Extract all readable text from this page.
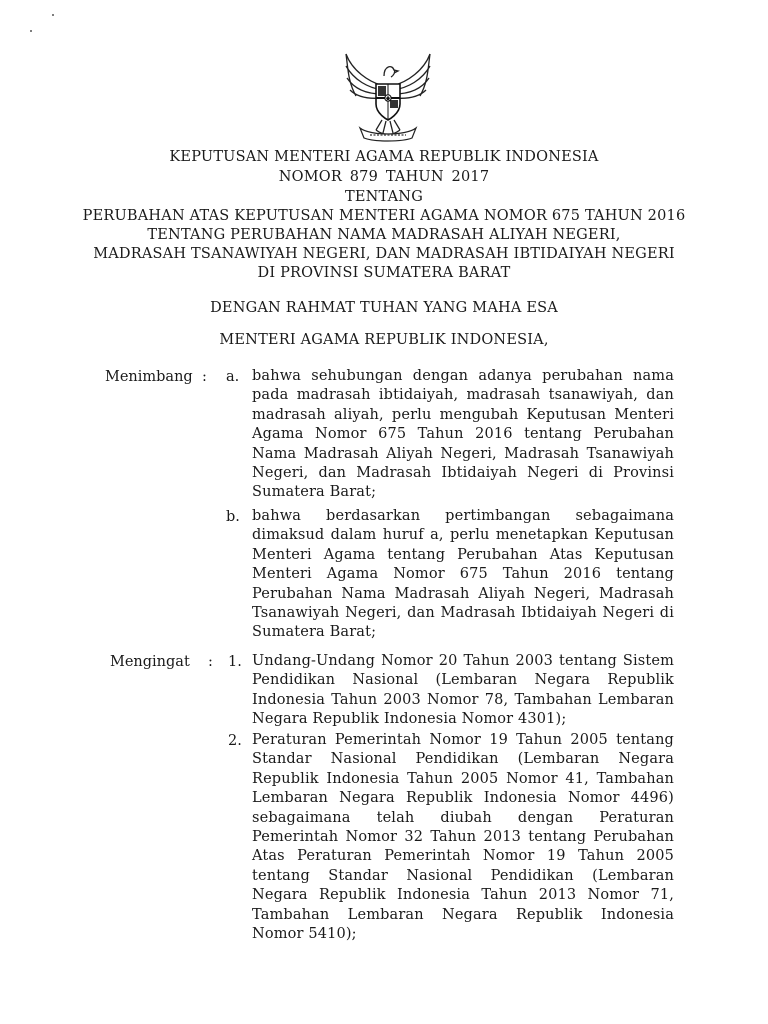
KEPUTUSAN MENTERI AGAMA REPUBLIK INDONESIA
NOMOR 879 TAHUN 2017
TENTANG
PERUBAHAN ATAS KEPUTUSAN MENTERI AGAMA NOMOR 675 TAHUN 2016
TENTANG PERUBAHAN NAMA MADRASAH ALIYAH NEGERI,
MADRASAH TSANAWIYAH NEGERI, DAN MADRASAH IBTIDAIYAH NEGERI
DI PROVINSI SUMATERA BARAT
DENGAN RAHMAT TUHAN YANG MAHA ESA
MENTERI AGAMA REPUBLIK INDONESIA,
Menimbang : a. bahwa sehubungan dengan adanya perubahan nama pada madrasah ibtidaiyah, madrasah tsanawiyah, dan madrasah aliyah, perlu mengubah Keputusan Menteri Agama Nomor 675 Tahun 2016 tentang Perubahan Nama Madrasah Aliyah Negeri, Madrasah Tsanawiyah Negeri, dan Madrasah Ibtidaiyah Negeri di Provinsi Sumatera Barat;
b. bahwa berdasarkan pertimbangan sebagaimana dimaksud dalam huruf a, perlu menetapkan Keputusan Menteri Agama tentang Perubahan Atas Keputusan Menteri Agama Nomor 675 Tahun 2016 tentang Perubahan Nama Madrasah Aliyah Negeri, Madrasah Tsanawiyah Negeri, dan Madrasah Ibtidaiyah Negeri di Sumatera Barat;
Mengingat : 1. Undang-Undang Nomor 20 Tahun 2003 tentang Sistem Pendidikan Nasional (Lembaran Negara Republik Indonesia Tahun 2003 Nomor 78, Tambahan Lembaran Negara Republik Indonesia Nomor 4301);
2. Peraturan Pemerintah Nomor 19 Tahun 2005 tentang Standar Nasional Pendidikan (Lembaran Negara Republik Indonesia Tahun 2005 Nomor 41, Tambahan Lembaran Negara Republik Indonesia Nomor 4496) sebagaimana telah diubah dengan Peraturan Pemerintah Nomor 32 Tahun 2013 tentang Perubahan Atas Peraturan Pemerintah Nomor 19 Tahun 2005 tentang Standar Nasional Pendidikan (Lembaran Negara Republik Indonesia Tahun 2013 Nomor 71, Tambahan Lembaran Negara Republik Indonesia Nomor 5410);
